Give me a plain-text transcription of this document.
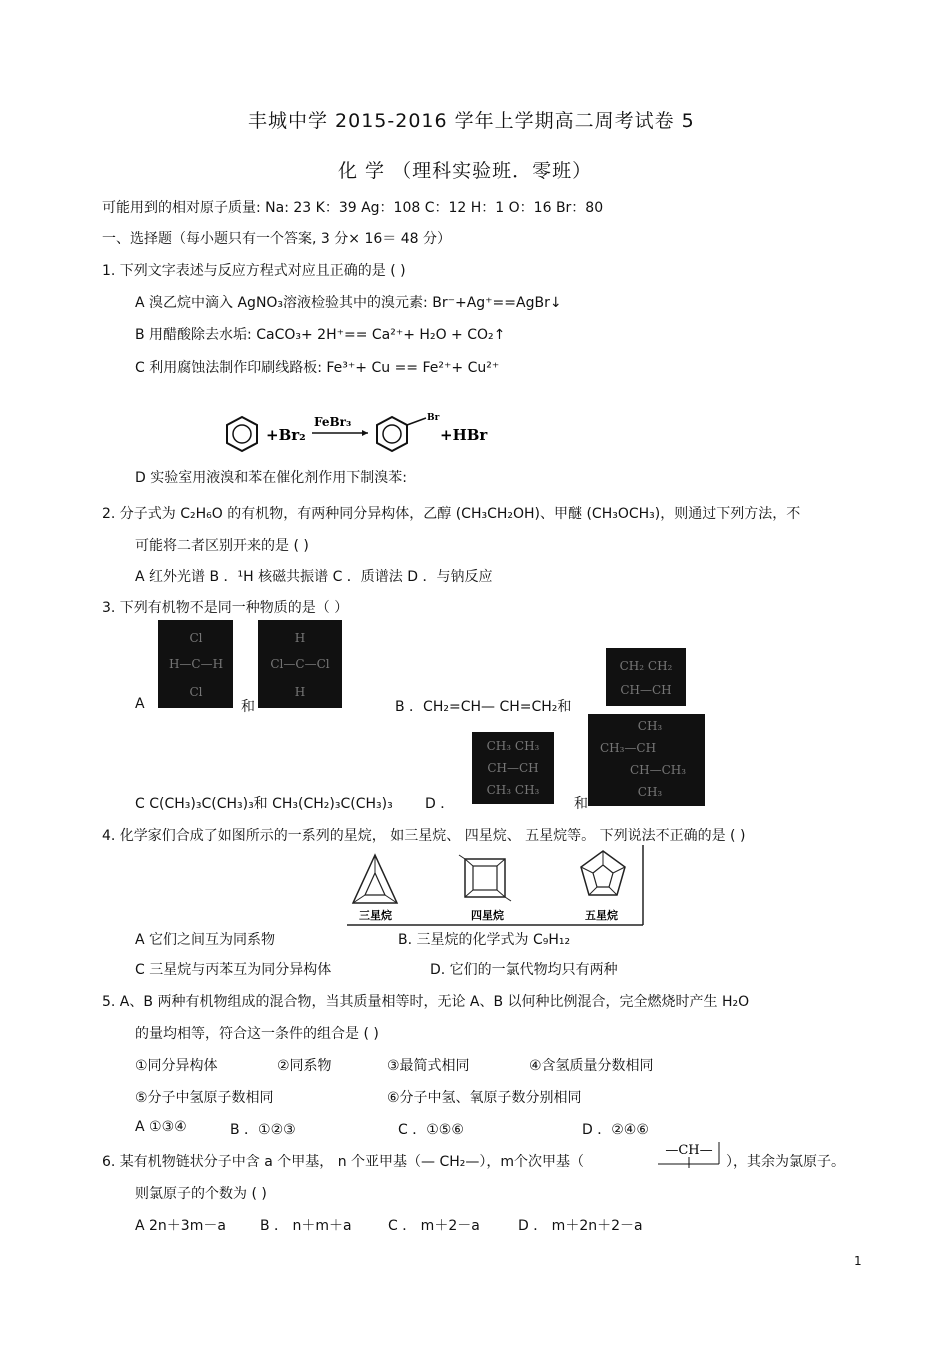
丰城中学 2015-2016 学年上学期高二周考试卷 5
化 学 （理科实验班．零班）
可能用到的相对原子质量: Na: 23 K：39 Ag：108 C：12 H：1 O：16 Br：80
一、选择题（每小题只有一个答案, 3 分× 16＝ 48 分）
1. 下列文字表述与反应方程式对应且正确的是 ( )
A 溴乙烷中滴入 AgNO₃溶液检验其中的溴元素: Br⁻+Ag⁺==AgBr↓
B 用醋酸除去水垢: CaCO₃+ 2H⁺== Ca²⁺+ H₂O + CO₂↑
C 利用腐蚀法制作印刷线路板: Fe³⁺+ Cu == Fe²⁺+ Cu²⁺
+Br₂
FeBr₃	Br
+HBr
D 实验室用液溴和苯在催化剂作用下制溴苯:
2. 分子式为 C₂H₆O 的有机物，有两种同分异构体，乙醇 (CH₃CH₂OH)、甲醚 (CH₃OCH₃)，则通过下列方法，不
可能将二者区别开来的是 ( )
A 红外光谱 B ．¹H 核磁共振谱 C ．质谱法 D ．与钠反应
3. 下列有机物不是同一种物质的是（ ）
Cl
H—C—H
Cl
H
Cl—C—Cl
H
CH₂ CH₂
CH—CH
A	和	B ．CH₂=CH— CH=CH₂和
CH₃ CH₃
CH—CH
CH₃ CH₃
CH₃
CH₃—CH
CH—CH₃
CH₃
C C(CH₃)₃C(CH₃)₃和 CH₃(CH₂)₃C(CH₃)₃ D ．	和
4. 化学家们合成了如图所示的一系列的星烷， 如三星烷、 四星烷、 五星烷等。 下列说法不正确的是 ( )
三星烷	四星烷	五星烷
A 它们之间互为同系物	B. 三星烷的化学式为 C₉H₁₂
C 三星烷与丙苯互为同分异构体	D. 它们的一氯代物均只有两种
5. A、B 两种有机物组成的混合物，当其质量相等时，无论 A、B 以何种比例混合，完全燃烧时产生 H₂O
的量均相等，符合这一条件的组合是 ( )
①同分异构体	②同系物	③最简式相同	④含氢质量分数相同
⑤分子中氢原子数相同	⑥分子中氢、氧原子数分别相同
A ①③④	B ．①②③	C ．①⑤⑥	D ．②④⑥
6. 某有机物链状分子中含 a 个甲基， n 个亚甲基（— CH₂—），m个次甲基（
—CH—
），其余为氯原子。
则氯原子的个数为 ( )
A 2n＋3m－a B ． n＋m＋a	C ． m＋2－a	D ． m＋2n＋2－a
1
